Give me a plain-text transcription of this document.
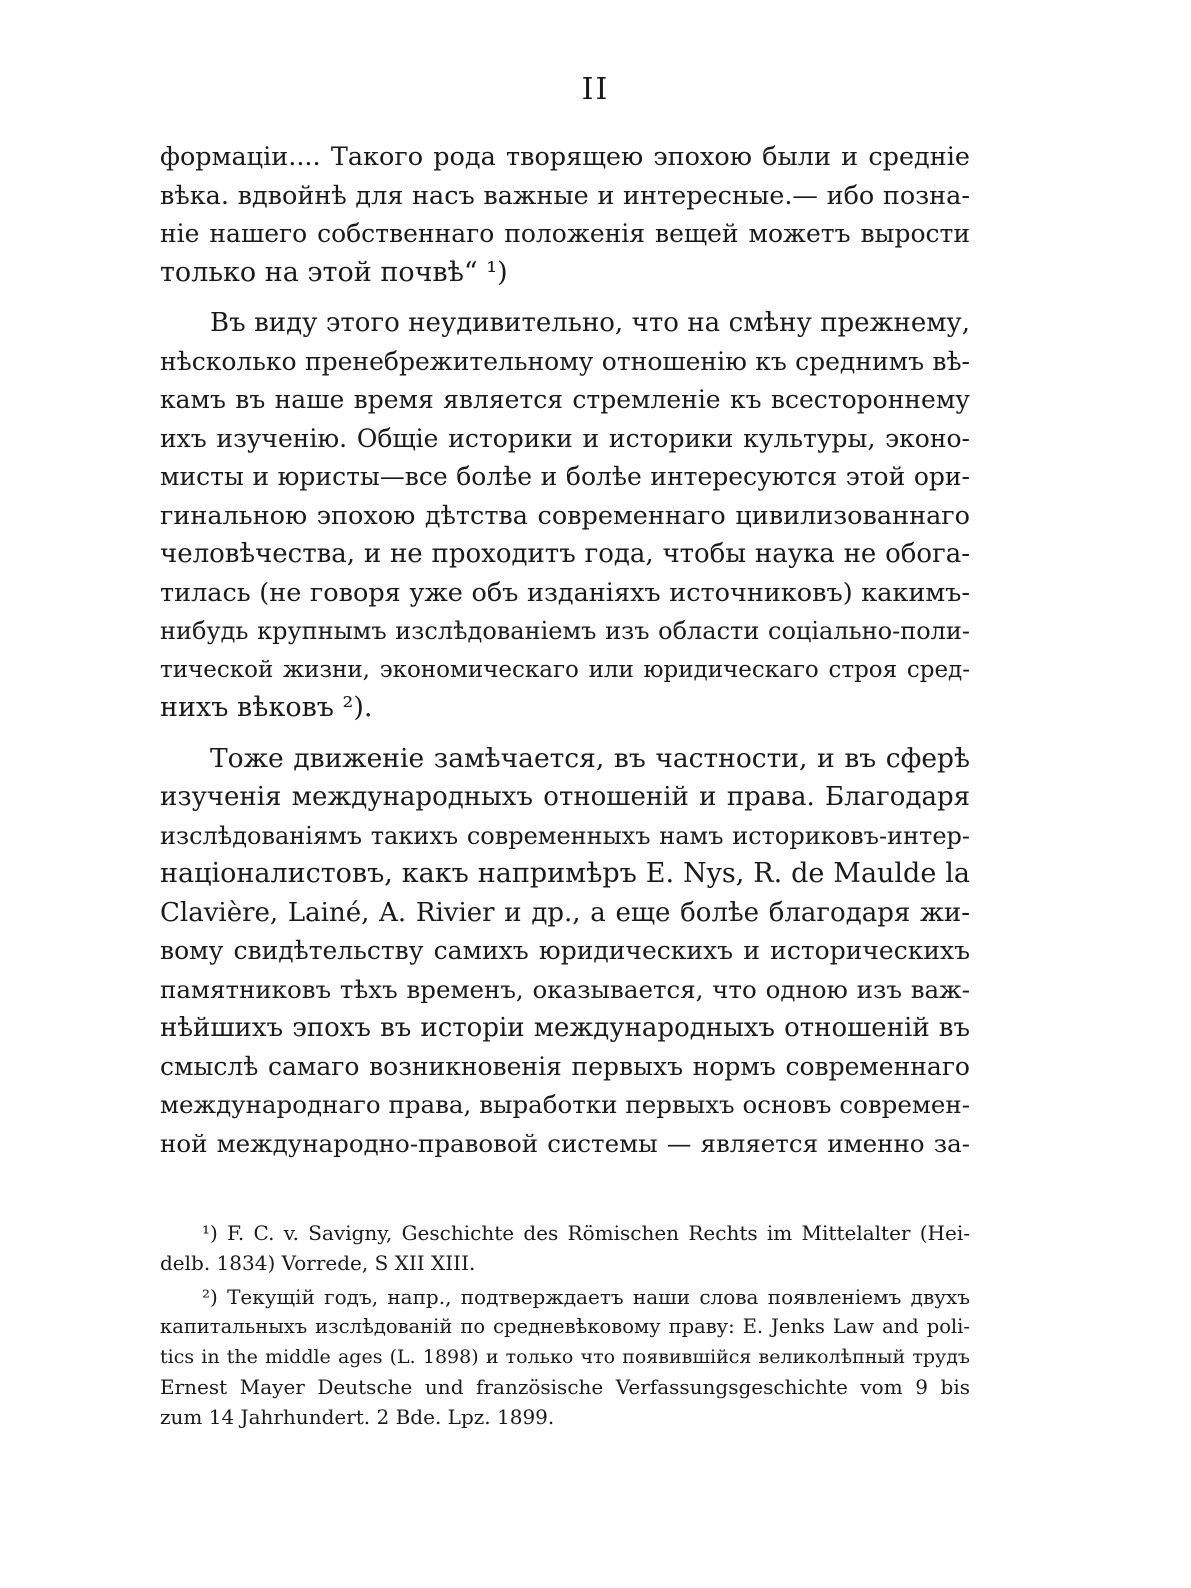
II
формаціи.... Такого рода творящею эпохою были и средніе
вѣка. вдвойнѣ для насъ важные и интересные.— ибо позна-
ніе нашего собственнаго положенія вещей можетъ вырости
только на этой почвѣ“ ¹)
Въ виду этого неудивительно, что на смѣну прежнему,
нѣсколько пренебрежительному отношенію къ среднимъ вѣ-
камъ въ наше время является стремленіе къ всестороннему
ихъ изученію. Общіе историки и историки культуры, эконо-
мисты и юристы—все болѣе и болѣе интересуются этой ори-
гинальною эпохою дѣтства современнаго цивилизованнаго
человѣчества, и не проходитъ года, чтобы наука не обога-
тилась (не говоря уже объ изданіяхъ источниковъ) какимъ-
нибудь крупнымъ изслѣдованіемъ изъ области соціально-поли-
тической жизни, экономическаго или юридическаго строя сред-
нихъ вѣковъ ²).
Тоже движеніе замѣчается, въ частности, и въ сферѣ
изученія международныхъ отношеній и права. Благодаря
изслѣдованіямъ такихъ современныхъ намъ историковъ-интер-
націоналистовъ, какъ напримѣръ E. Nys, R. de Maulde la
Clavière, Lainé, A. Rivier и др., а еще болѣе благодаря жи-
вому свидѣтельству самихъ юридическихъ и историческихъ
памятниковъ тѣхъ временъ, оказывается, что одною изъ важ-
нѣйшихъ эпохъ въ исторіи международныхъ отношеній въ
смыслѣ самаго возникновенія первыхъ нормъ современнаго
международнаго права, выработки первыхъ основъ современ-
ной международно-правовой системы — является именно за-
¹) F. C. v. Savigny, Geschichte des Römischen Rechts im Mittelalter (Hei-
delb. 1834) Vorrede, S XII XIII.
²) Текущій годъ, напр., подтверждаетъ наши слова появленіемъ двухъ
капитальныхъ изслѣдованій по средневѣковому праву: E. Jenks Law and poli-
tics in the middle ages (L. 1898) и только что появившійся великолѣпный трудъ
Ernest Mayer Deutsche und französische Verfassungsgeschichte vom 9 bis
zum 14 Jahrhundert. 2 Bde. Lpz. 1899.
